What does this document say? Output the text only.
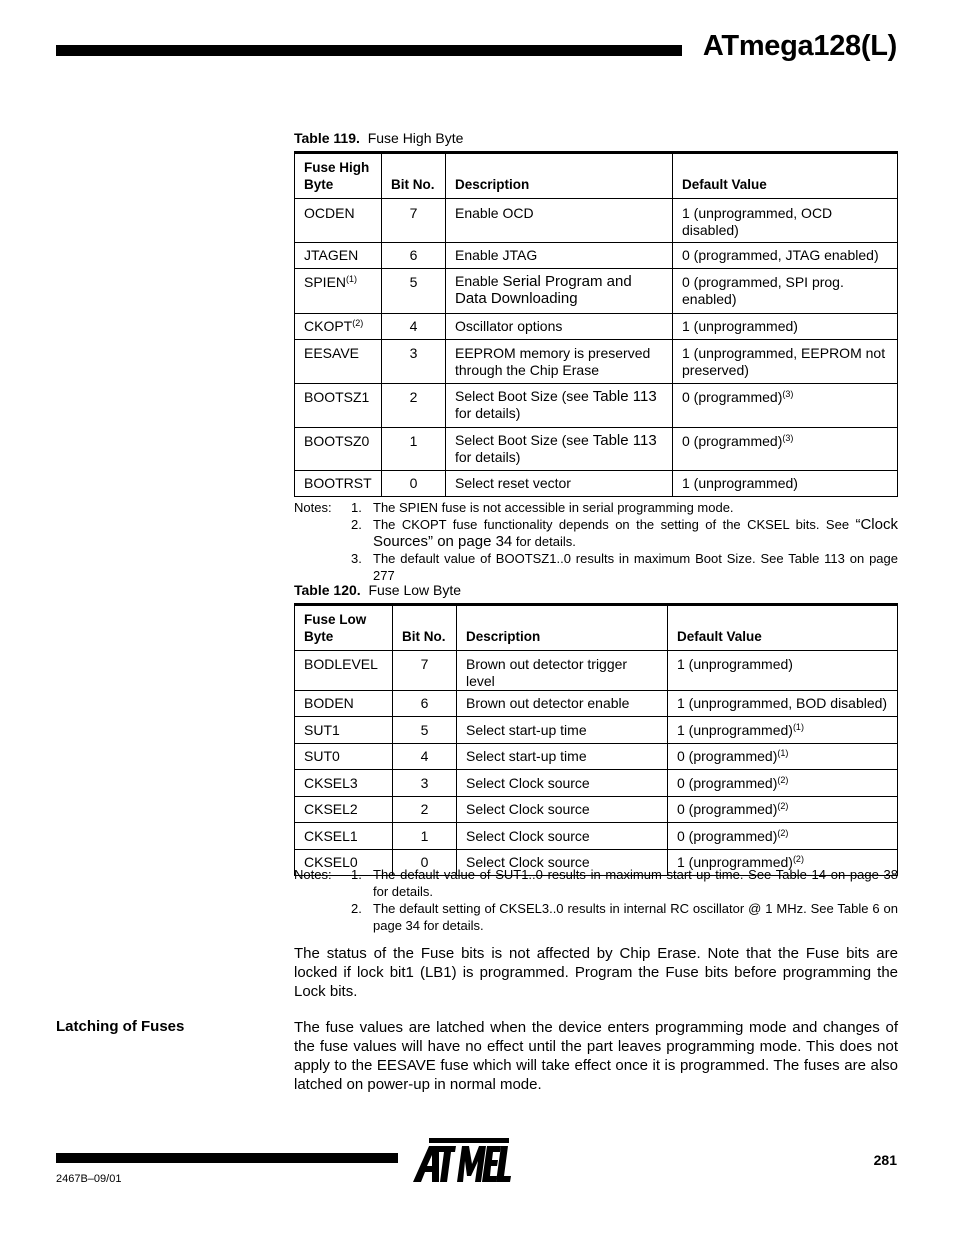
ATmega128(L)
Table 119. Fuse High Byte
Fuse High Byte	Bit No.	Description	Default Value
OCDEN	7	Enable OCD	1 (unprogrammed, OCD disabled)
JTAGEN	6	Enable JTAG	0 (programmed, JTAG enabled)
SPIEN$^{(1)}$	5	Enable Serial Program and Data Downloading	0 (programmed, SPI prog. enabled)
CKOPT$^{(2)}$	4	Oscillator options	1 (unprogrammed)
EESAVE	3	EEPROM memory is preserved through the Chip Erase	1 (unprogrammed, EEPROM not preserved)
BOOTSZ1	2	Select Boot Size (see Table 113 for details)	0 (programmed)$^{(3)}$
BOOTSZ0	1	Select Boot Size (see Table 113 for details)	0 (programmed)$^{(3)}$
BOOTRST	0	Select reset vector	1 (unprogrammed)
Notes: 1. The SPIEN fuse is not accessible in serial programming mode.
2. The CKOPT fuse functionality depends on the setting of the CKSEL bits. See “Clock Sources” on page 34 for details.
3. The default value of BOOTSZ1..0 results in maximum Boot Size. See Table 113 on page 277
Table 120. Fuse Low Byte
Fuse Low Byte	Bit No.	Description	Default Value
BODLEVEL	7	Brown out detector trigger level	1 (unprogrammed)
BODEN	6	Brown out detector enable	1 (unprogrammed, BOD disabled)
SUT1	5	Select start-up time	1 (unprogrammed)$^{(1)}$
SUT0	4	Select start-up time	0 (programmed)$^{(1)}$
CKSEL3	3	Select Clock source	0 (programmed)$^{(2)}$
CKSEL2	2	Select Clock source	0 (programmed)$^{(2)}$
CKSEL1	1	Select Clock source	0 (programmed)$^{(2)}$
CKSEL0	0	Select Clock source	1 (unprogrammed)$^{(2)}$
Notes: 1. The default value of SUT1..0 results in maximum start-up time. See Table 14 on page 38 for details.
2. The default setting of CKSEL3..0 results in internal RC oscillator @ 1 MHz. See Table 6 on page 34 for details.
The status of the Fuse bits is not affected by Chip Erase. Note that the Fuse bits are locked if lock bit1 (LB1) is programmed. Program the Fuse bits before programming the Lock bits.
Latching of Fuses	The fuse values are latched when the device enters programming mode and changes of the fuse values will have no effect until the part leaves programming mode. This does not apply to the EESAVE fuse which will take effect once it is programmed. The fuses are also latched on power-up in normal mode.
281
2467B–09/01
